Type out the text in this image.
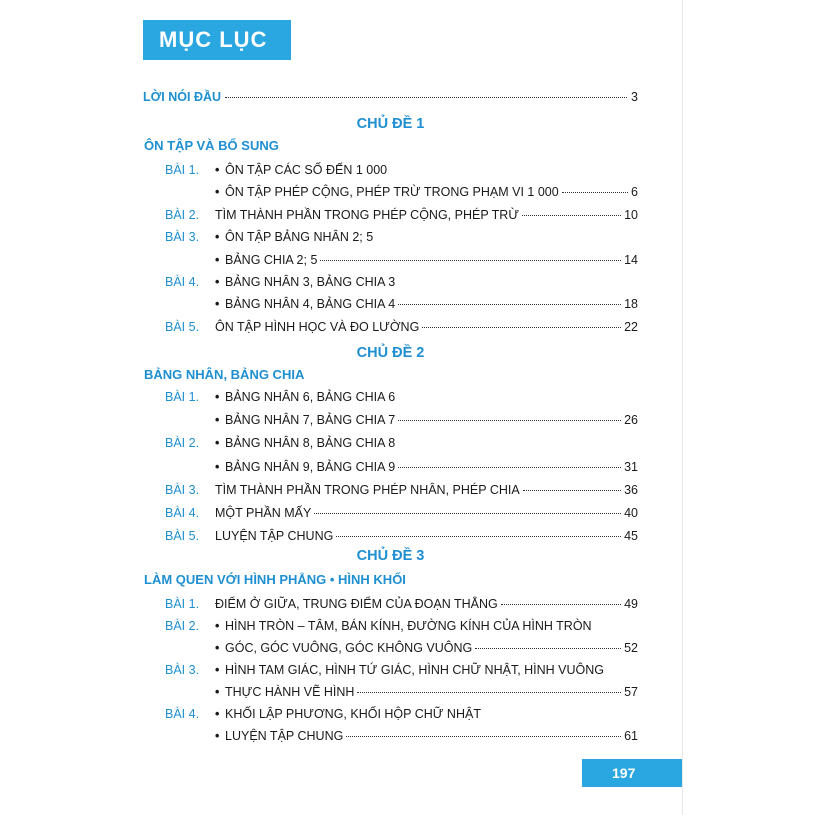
MỤC LỤC
LỜI NÓI ĐẦU	3
CHỦ ĐỀ 1
ÔN TẬP VÀ BỔ SUNG
BÀI 1.	• ÔN TẬP CÁC SỐ ĐẾN 1 000
• ÔN TẬP PHÉP CỘNG, PHÉP TRỪ TRONG PHẠM VI 1 000	6
BÀI 2.	TÌM THÀNH PHẦN TRONG PHÉP CỘNG, PHÉP TRỪ	10
BÀI 3.	• ÔN TẬP BẢNG NHÂN 2; 5
• BẢNG CHIA 2; 5	14
BÀI 4.	• BẢNG NHÂN 3, BẢNG CHIA 3
• BẢNG NHÂN 4, BẢNG CHIA 4	18
BÀI 5.	ÔN TẬP HÌNH HỌC VÀ ĐO LƯỜNG	22
CHỦ ĐỀ 2
BẢNG NHÂN, BẢNG CHIA
BÀI 1.	• BẢNG NHÂN 6, BẢNG CHIA 6
• BẢNG NHÂN 7, BẢNG CHIA 7	26
BÀI 2.	• BẢNG NHÂN 8, BẢNG CHIA 8
• BẢNG NHÂN 9, BẢNG CHIA 9	31
BÀI 3.	TÌM THÀNH PHẦN TRONG PHÉP NHÂN, PHÉP CHIA	36
BÀI 4.	MỘT PHẦN MẤY	40
BÀI 5.	LUYỆN TẬP CHUNG	45
CHỦ ĐỀ 3
LÀM QUEN VỚI HÌNH PHẲNG • HÌNH KHỐI
BÀI 1.	ĐIỂM Ở GIỮA, TRUNG ĐIỂM CỦA ĐOẠN THẲNG	49
BÀI 2.	• HÌNH TRÒN – TÂM, BÁN KÍNH, ĐƯỜNG KÍNH CỦA HÌNH TRÒN
• GÓC, GÓC VUÔNG, GÓC KHÔNG VUÔNG	52
BÀI 3.	• HÌNH TAM GIÁC, HÌNH TỨ GIÁC, HÌNH CHỮ NHẬT, HÌNH VUÔNG
• THỰC HÀNH VẼ HÌNH	57
BÀI 4.	• KHỐI LẬP PHƯƠNG, KHỐI HỘP CHỮ NHẬT
• LUYỆN TẬP CHUNG	61
197
